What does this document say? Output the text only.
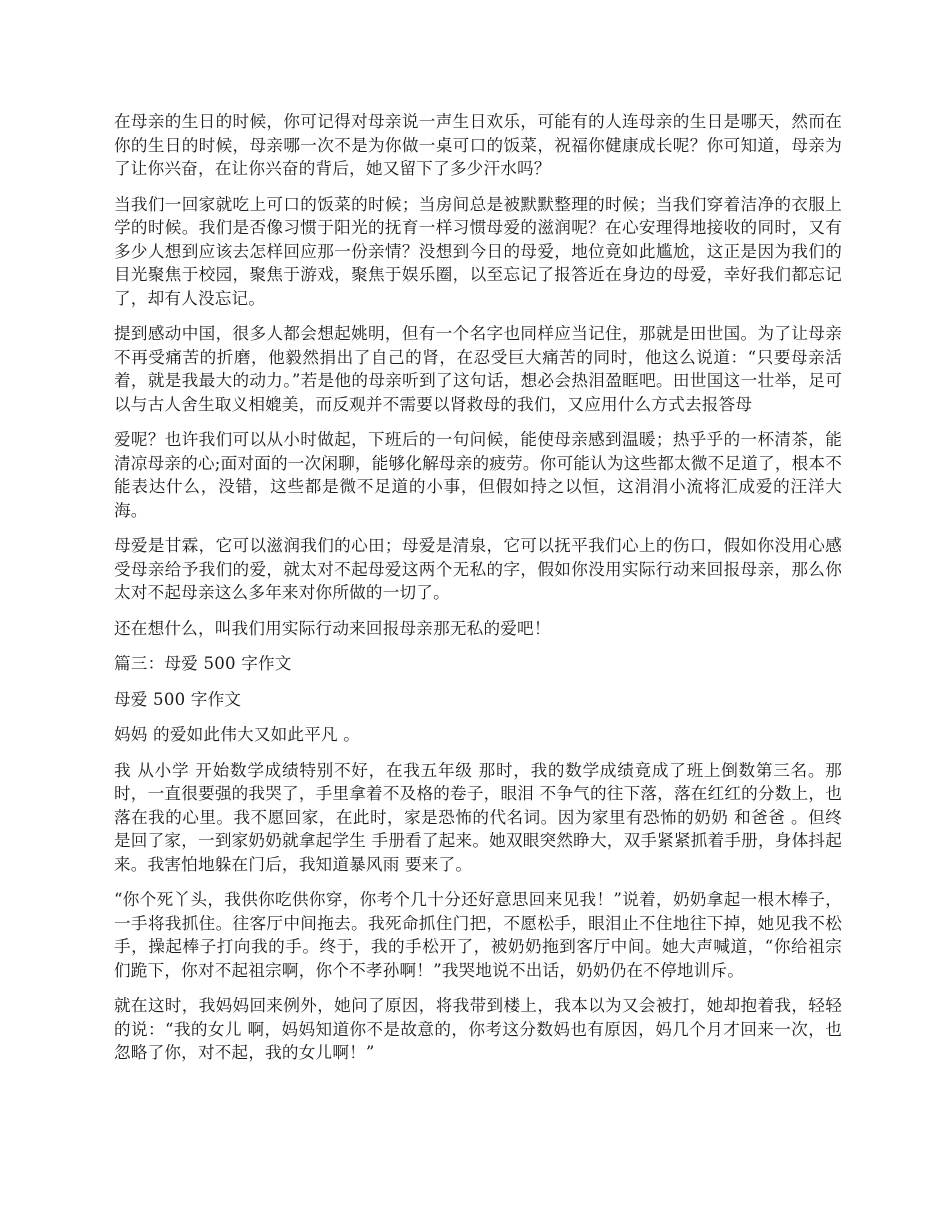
在母亲的生日的时候，你可记得对母亲说一声生日欢乐，可能有的人连母亲的生日是哪天，然而在你的生日的时候，母亲哪一次不是为你做一桌可口的饭菜，祝福你健康成长呢？你可知道，母亲为了让你兴奋，在让你兴奋的背后，她又留下了多少汗水吗？

当我们一回家就吃上可口的饭菜的时候；当房间总是被默默整理的时候；当我们穿着洁净的衣服上学的时候。我们是否像习惯于阳光的抚育一样习惯母爱的滋润呢？在心安理得地接收的同时，又有多少人想到应该去怎样回应那一份亲情？没想到今日的母爱，地位竟如此尴尬，这正是因为我们的目光聚焦于校园，聚焦于游戏，聚焦于娱乐圈，以至忘记了报答近在身边的母爱，幸好我们都忘记了，却有人没忘记。

提到感动中国，很多人都会想起姚明，但有一个名字也同样应当记住，那就是田世国。为了让母亲不再受痛苦的折磨，他毅然捐出了自己的肾，在忍受巨大痛苦的同时，他这么说道：“只要母亲活着，就是我最大的动力。”若是他的母亲听到了这句话，想必会热泪盈眶吧。田世国这一壮举，足可以与古人舍生取义相媲美，而反观并不需要以肾救母的我们，又应用什么方式去报答母

爱呢？也许我们可以从小时做起，下班后的一句问候，能使母亲感到温暖；热乎乎的一杯清茶，能清凉母亲的心;面对面的一次闲聊，能够化解母亲的疲劳。你可能认为这些都太微不足道了，根本不能表达什么，没错，这些都是微不足道的小事，但假如持之以恒，这涓涓小流将汇成爱的汪洋大海。

母爱是甘霖，它可以滋润我们的心田；母爱是清泉，它可以抚平我们心上的伤口，假如你没用心感受母亲给予我们的爱，就太对不起母爱这两个无私的字，假如你没用实际行动来回报母亲，那么你太对不起母亲这么多年来对你所做的一切了。

还在想什么，叫我们用实际行动来回报母亲那无私的爱吧！

篇三：母爱 500 字作文

母爱 500 字作文

妈妈 的爱如此伟大又如此平凡 。

我 从小学 开始数学成绩特别不好，在我五年级 那时，我的数学成绩竟成了班上倒数第三名。那时，一直很要强的我哭了，手里拿着不及格的卷子，眼泪 不争气的往下落，落在红红的分数上，也落在我的心里。我不愿回家，在此时，家是恐怖的代名词。因为家里有恐怖的奶奶 和爸爸 。但终是回了家，一到家奶奶就拿起学生 手册看了起来。她双眼突然睁大，双手紧紧抓着手册，身体抖起来。我害怕地躲在门后，我知道暴风雨 要来了。

“你个死丫头，我供你吃供你穿，你考个几十分还好意思回来见我！”说着，奶奶拿起一根木棒子，一手将我抓住。往客厅中间拖去。我死命抓住门把，不愿松手，眼泪止不住地往下掉，她见我不松手，操起棒子打向我的手。终于，我的手松开了，被奶奶拖到客厅中间。她大声喊道，“你给祖宗们跪下，你对不起祖宗啊，你个不孝孙啊！”我哭地说不出话，奶奶仍在不停地训斥。

就在这时，我妈妈回来例外，她问了原因，将我带到楼上，我本以为又会被打，她却抱着我，轻轻的说：“我的女儿 啊，妈妈知道你不是故意的，你考这分数妈也有原因，妈几个月才回来一次，也忽略了你，对不起，我的女儿啊！”
